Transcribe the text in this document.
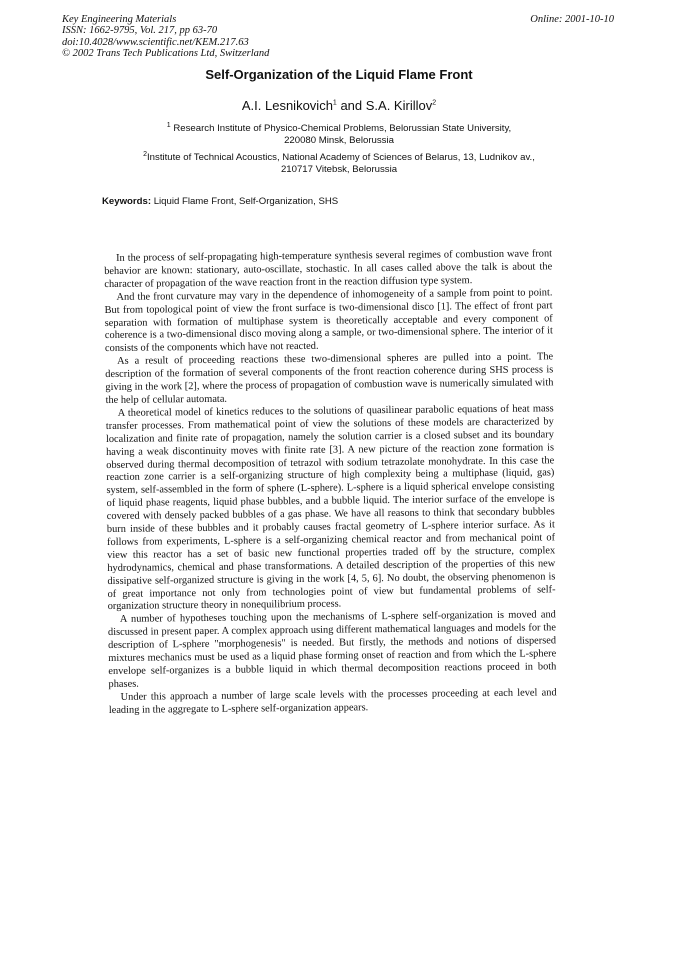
Key Engineering Materials
ISSN: 1662-9795, Vol. 217, pp 63-70
doi:10.4028/www.scientific.net/KEM.217.63
© 2002 Trans Tech Publications Ltd, Switzerland
Online: 2001-10-10
Self-Organization of the Liquid Flame Front
A.I. Lesnikovich$^1$ and S.A. Kirillov$^2$
$^1$ Research Institute of Physico-Chemical Problems, Belorussian State University,
220080 Minsk, Belorussia
$^2$Institute of Technical Acoustics, National Academy of Sciences of Belarus, 13, Ludnikov av.,
210717 Vitebsk, Belorussia
Keywords: Liquid Flame Front, Self-Organization, SHS

In the process of self-propagating high-temperature synthesis several regimes of combustion wave front behavior are known: stationary, auto-oscillate, stochastic. In all cases called above the talk is about the character of propagation of the wave reaction front in the reaction diffusion type system.

And the front curvature may vary in the dependence of inhomogeneity of a sample from point to point. But from topological point of view the front surface is two-dimensional disco [1]. The effect of front part separation with formation of multiphase system is theoretically acceptable and every component of coherence is a two-dimensional disco moving along a sample, or two-dimensional sphere. The interior of it consists of the components which have not reacted.

As a result of proceeding reactions these two-dimensional spheres are pulled into a point. The description of the formation of several components of the front reaction coherence during SHS process is giving in the work [2], where the process of propagation of combustion wave is numerically simulated with the help of cellular automata.

A theoretical model of kinetics reduces to the solutions of quasilinear parabolic equations of heat mass transfer processes. From mathematical point of view the solutions of these models are characterized by localization and finite rate of propagation, namely the solution carrier is a closed subset and its boundary having a weak discontinuity moves with finite rate [3]. A new picture of the reaction zone formation is observed during thermal decomposition of tetrazol with sodium tetrazolate monohydrate. In this case the reaction zone carrier is a self-organizing structure of high complexity being a multiphase (liquid, gas) system, self-assembled in the form of sphere (L-sphere). L-sphere is a liquid spherical envelope consisting of liquid phase reagents, liquid phase bubbles, and a bubble liquid. The interior surface of the envelope is covered with densely packed bubbles of a gas phase. We have all reasons to think that secondary bubbles burn inside of these bubbles and it probably causes fractal geometry of L-sphere interior surface. As it follows from experiments, L-sphere is a self-organizing chemical reactor and from mechanical point of view this reactor has a set of basic new functional properties traded off by the structure, complex hydrodynamics, chemical and phase transformations. A detailed description of the properties of this new dissipative self-organized structure is giving in the work [4, 5, 6]. No doubt, the observing phenomenon is of great importance not only from technologies point of view but fundamental problems of self-organization structure theory in nonequilibrium process.

A number of hypotheses touching upon the mechanisms of L-sphere self-organization is moved and discussed in present paper. A complex approach using different mathematical languages and models for the description of L-sphere "morphogenesis" is needed. But firstly, the methods and notions of dispersed mixtures mechanics must be used as a liquid phase forming onset of reaction and from which the L-sphere envelope self-organizes is a bubble liquid in which thermal decomposition reactions proceed in both phases.

Under this approach a number of large scale levels with the processes proceeding at each level and leading in the aggregate to L-sphere self-organization appears.
